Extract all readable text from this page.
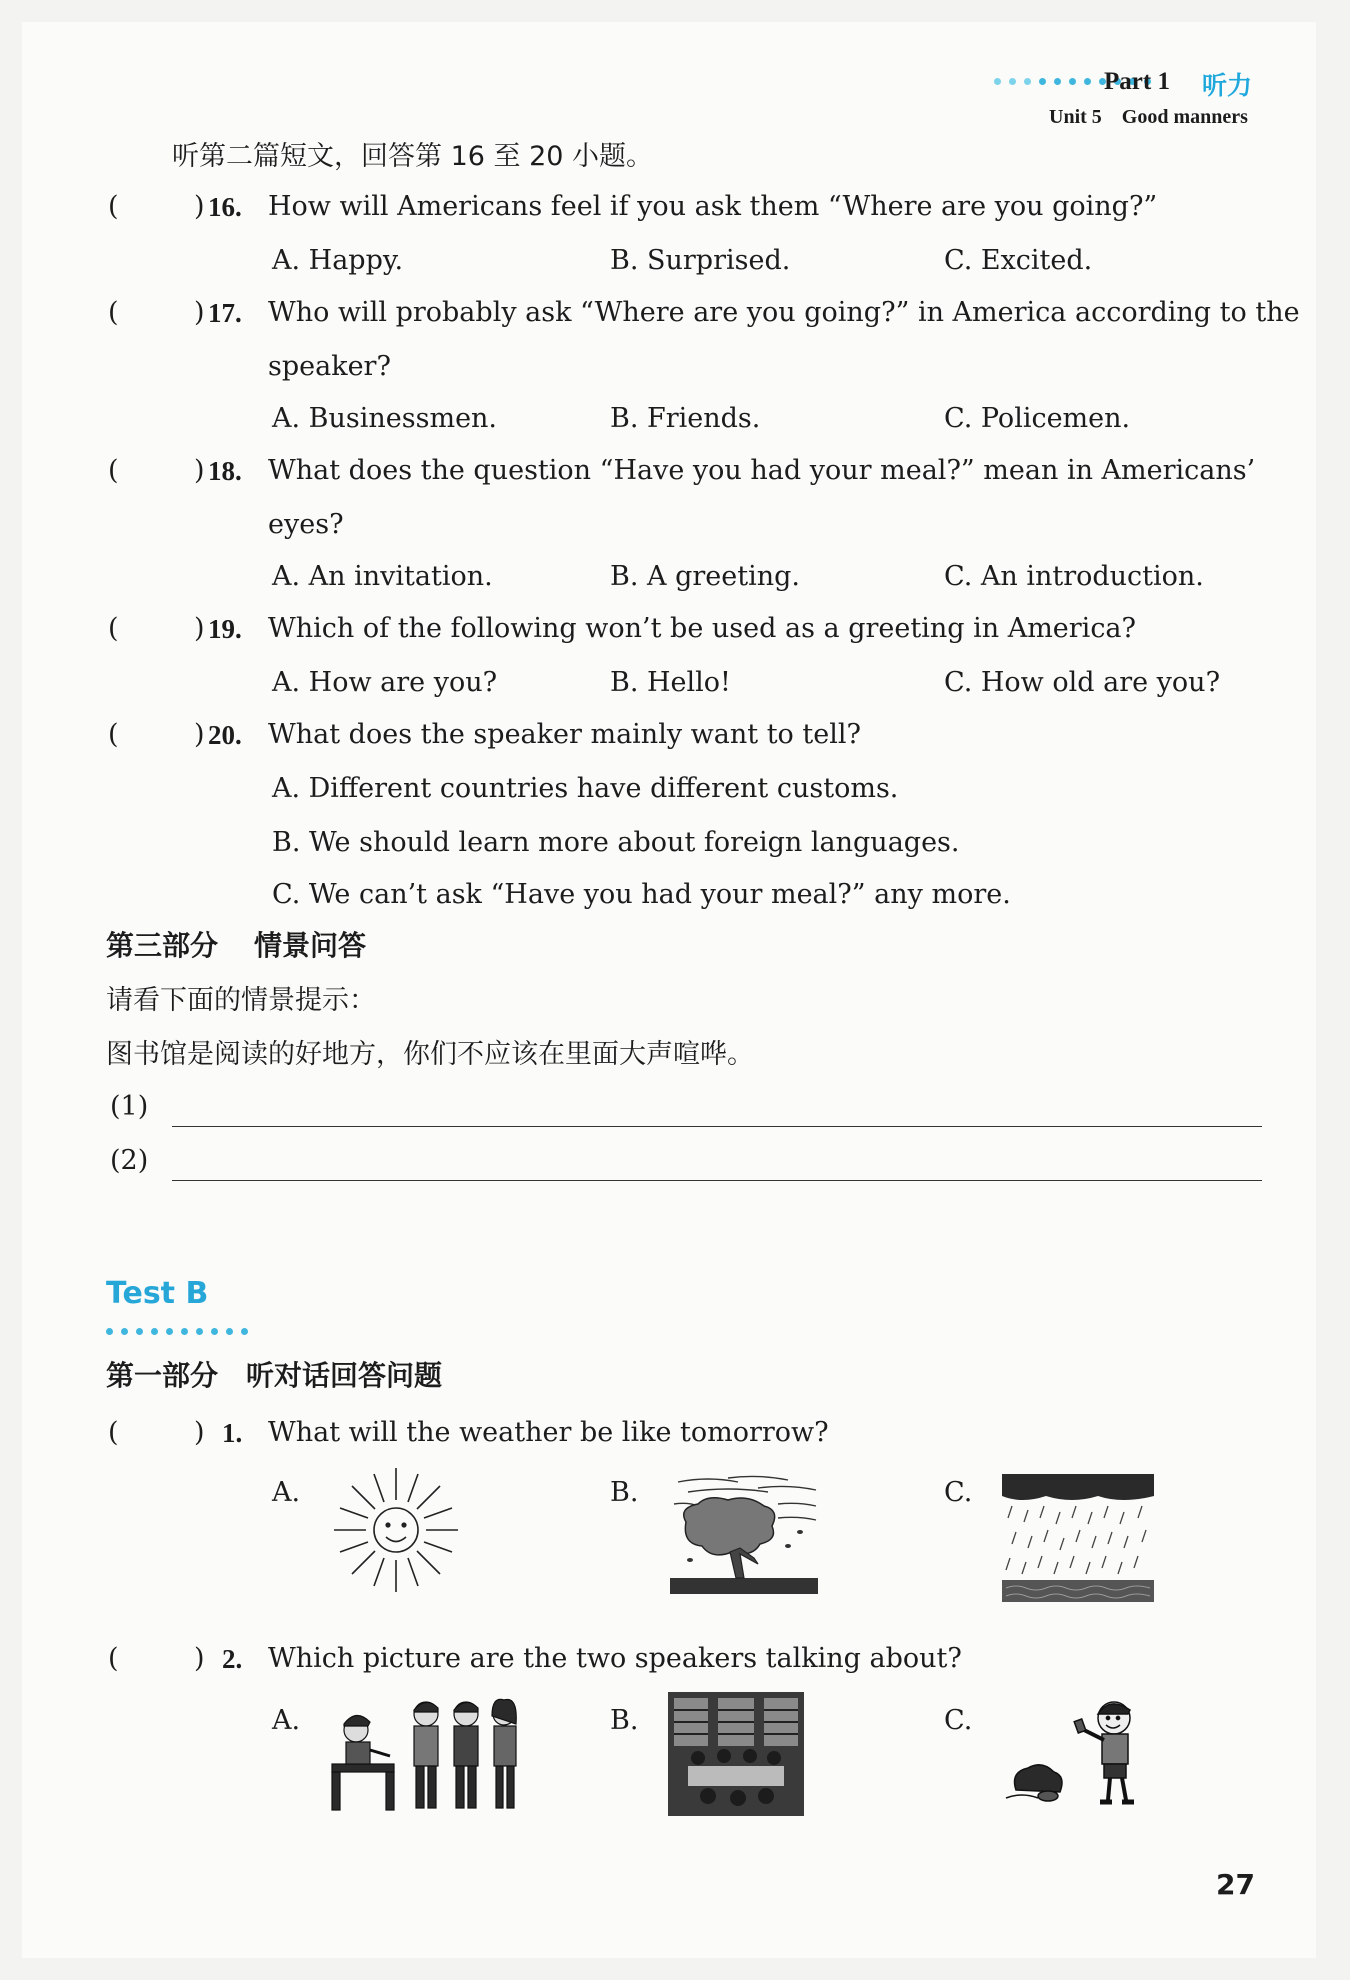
Part 1 听力
Unit 5 Good manners
听第二篇短文，回答第 16 至 20 小题。
(	) 16. How will Americans feel if you ask them “Where are you going?”
A. Happy.	B. Surprised.	C. Excited.
(	) 17. Who will probably ask “Where are you going?” in America according to the
speaker?
A. Businessmen.	B. Friends.	C. Policemen.
(	) 18. What does the question “Have you had your meal?” mean in Americans’
eyes?
A. An invitation.	B. A greeting.	C. An introduction.
(	) 19. Which of the following won’t be used as a greeting in America?
A. How are you?	B. Hello!	C. How old are you?
(	) 20. What does the speaker mainly want to tell?
A. Different countries have different customs.
B. We should learn more about foreign languages.
C. We can’t ask “Have you had your meal?” any more.
第三部分 情景问答
请看下面的情景提示：
图书馆是阅读的好地方，你们不应该在里面大声喧哗。
(1)
(2)
Test B
第一部分 听对话回答问题
(	) 1. What will the weather be like tomorrow?
A.	B.	C.
(	) 2. Which picture are the two speakers talking about?
A.	B.	C.
27
